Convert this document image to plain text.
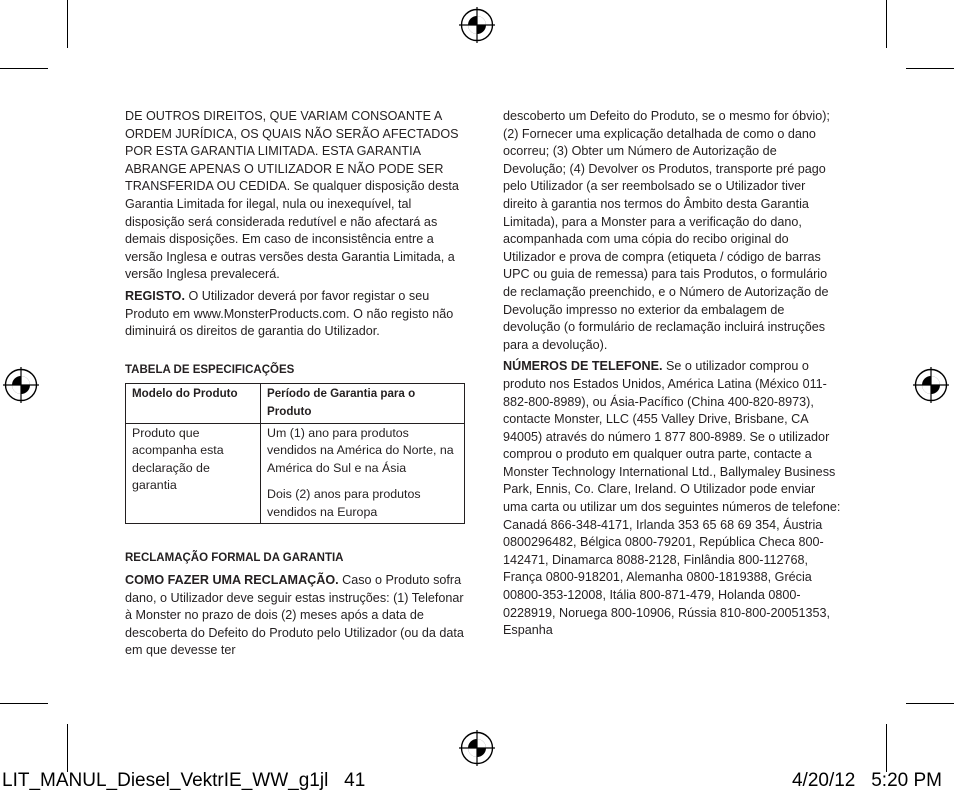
DE OUTROS DIREITOS, QUE VARIAM CONSOANTE A ORDEM JURÍDICA, OS QUAIS NÃO SERÃO AFECTADOS POR ESTA GARANTIA LIMITADA. ESTA GARANTIA ABRANGE APENAS O UTILIZADOR E NÃO PODE SER TRANSFERIDA OU CEDIDA. Se qualquer disposição desta Garantia Limitada for ilegal, nula ou inexequível, tal disposição será considerada redutível e não afectará as demais disposições. Em caso de inconsistência entre a versão Inglesa e outras versões desta Garantia Limitada, a versão Inglesa prevalecerá.

REGISTO. O Utilizador deverá por favor registar o seu Produto em www.MonsterProducts.com. O não registo não diminuirá os direitos de garantia do Utilizador.

TABELA DE ESPECIFICAÇÕES

Modelo do Produto	Período de Garantia para o Produto
Produto que acompanha esta declaração de garantia	Um (1) ano para produtos vendidos na América do Norte, na América do Sul e na Ásia
Dois (2) anos para produtos vendidos na Europa

RECLAMAÇÃO FORMAL DA GARANTIA

COMO FAZER UMA RECLAMAÇÃO. Caso o Produto sofra dano, o Utilizador deve seguir estas instruções: (1) Telefonar à Monster no prazo de dois (2) meses após a data de descoberta do Defeito do Produto pelo Utilizador (ou da data em que devesse ter

descoberto um Defeito do Produto, se o mesmo for óbvio); (2) Fornecer uma explicação detalhada de como o dano ocorreu; (3) Obter um Número de Autorização de Devolução; (4) Devolver os Produtos, transporte pré pago pelo Utilizador (a ser reembolsado se o Utilizador tiver direito à garantia nos termos do Âmbito desta Garantia Limitada), para a Monster para a verificação do dano, acompanhada com uma cópia do recibo original do Utilizador e prova de compra (etiqueta / código de barras UPC ou guia de remessa) para tais Produtos, o formulário de reclamação preenchido, e o Número de Autorização de Devolução impresso no exterior da embalagem de devolução (o formulário de reclamação incluirá instruções para a devolução).

NÚMEROS DE TELEFONE. Se o utilizador comprou o produto nos Estados Unidos, América Latina (México 011-882-800-8989), ou Ásia-Pacífico (China 400-820-8973), contacte Monster, LLC (455 Valley Drive, Brisbane, CA 94005) através do número 1 877 800-8989. Se o utilizador comprou o produto em qualquer outra parte, contacte a Monster Technology International Ltd., Ballymaley Business Park, Ennis, Co. Clare, Ireland. O Utilizador pode enviar uma carta ou utilizar um dos seguintes números de telefone: Canadá 866-348-4171, Irlanda 353 65 68 69 354, Áustria 0800296482, Bélgica 0800-79201, República Checa 800-142471, Dinamarca 8088-2128, Finlândia 800-112768, França 0800-918201, Alemanha 0800-1819388, Grécia 00800-353-12008, Itália 800-871-479, Holanda 0800-0228919, Noruega 800-10906, Rússia 810-800-20051353, Espanha

LIT_MANUL_Diesel_VektrIE_WW_g1jl 41	4/20/12 5:20 PM
